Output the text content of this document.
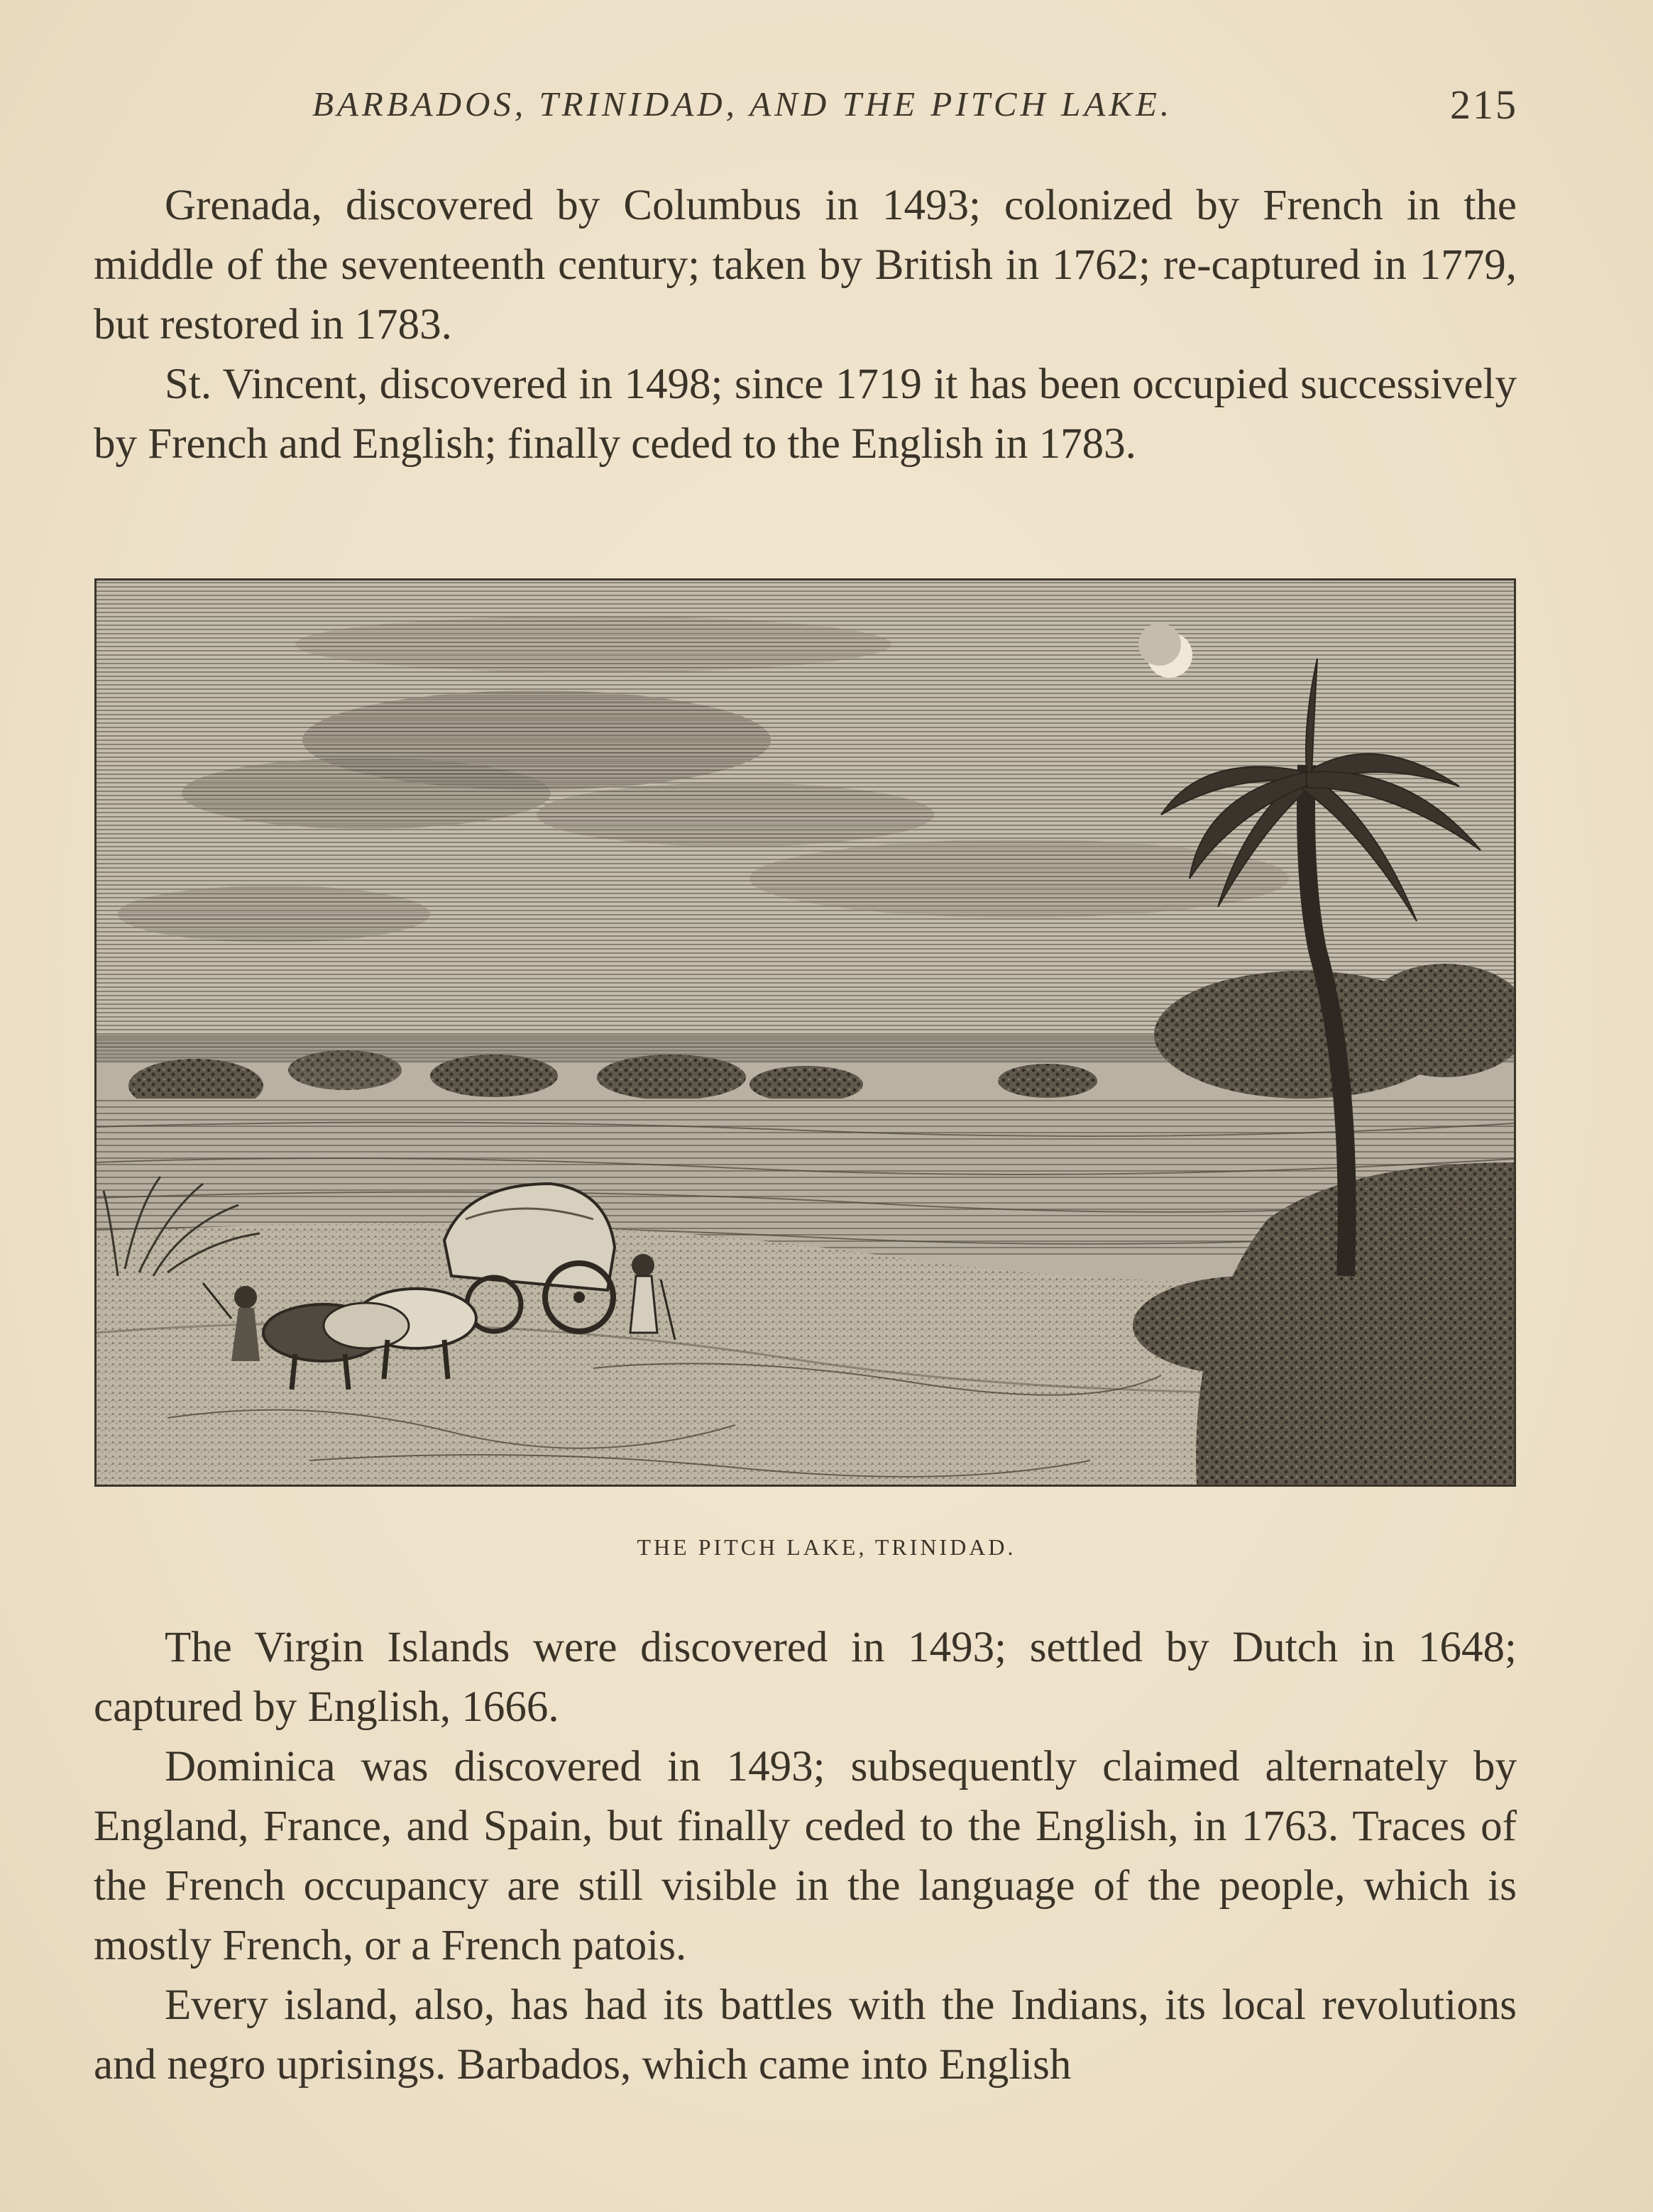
BARBADOS, TRINIDAD, AND THE PITCH LAKE.	215

Grenada, discovered by Columbus in 1493; colonized by French in the middle of the seventeenth century; taken by British in 1762; re-captured in 1779, but restored in 1783.

St. Vincent, discovered in 1498; since 1719 it has been occupied successively by French and English; finally ceded to the English in 1783.

THE PITCH LAKE, TRINIDAD.

The Virgin Islands were discovered in 1493; settled by Dutch in 1648; captured by English, 1666.

Dominica was discovered in 1493; subsequently claimed alternately by England, France, and Spain, but finally ceded to the English, in 1763. Traces of the French occupancy are still visible in the language of the people, which is mostly French, or a French patois.

Every island, also, has had its battles with the Indians, its local revolutions and negro uprisings. Barbados, which came into English
